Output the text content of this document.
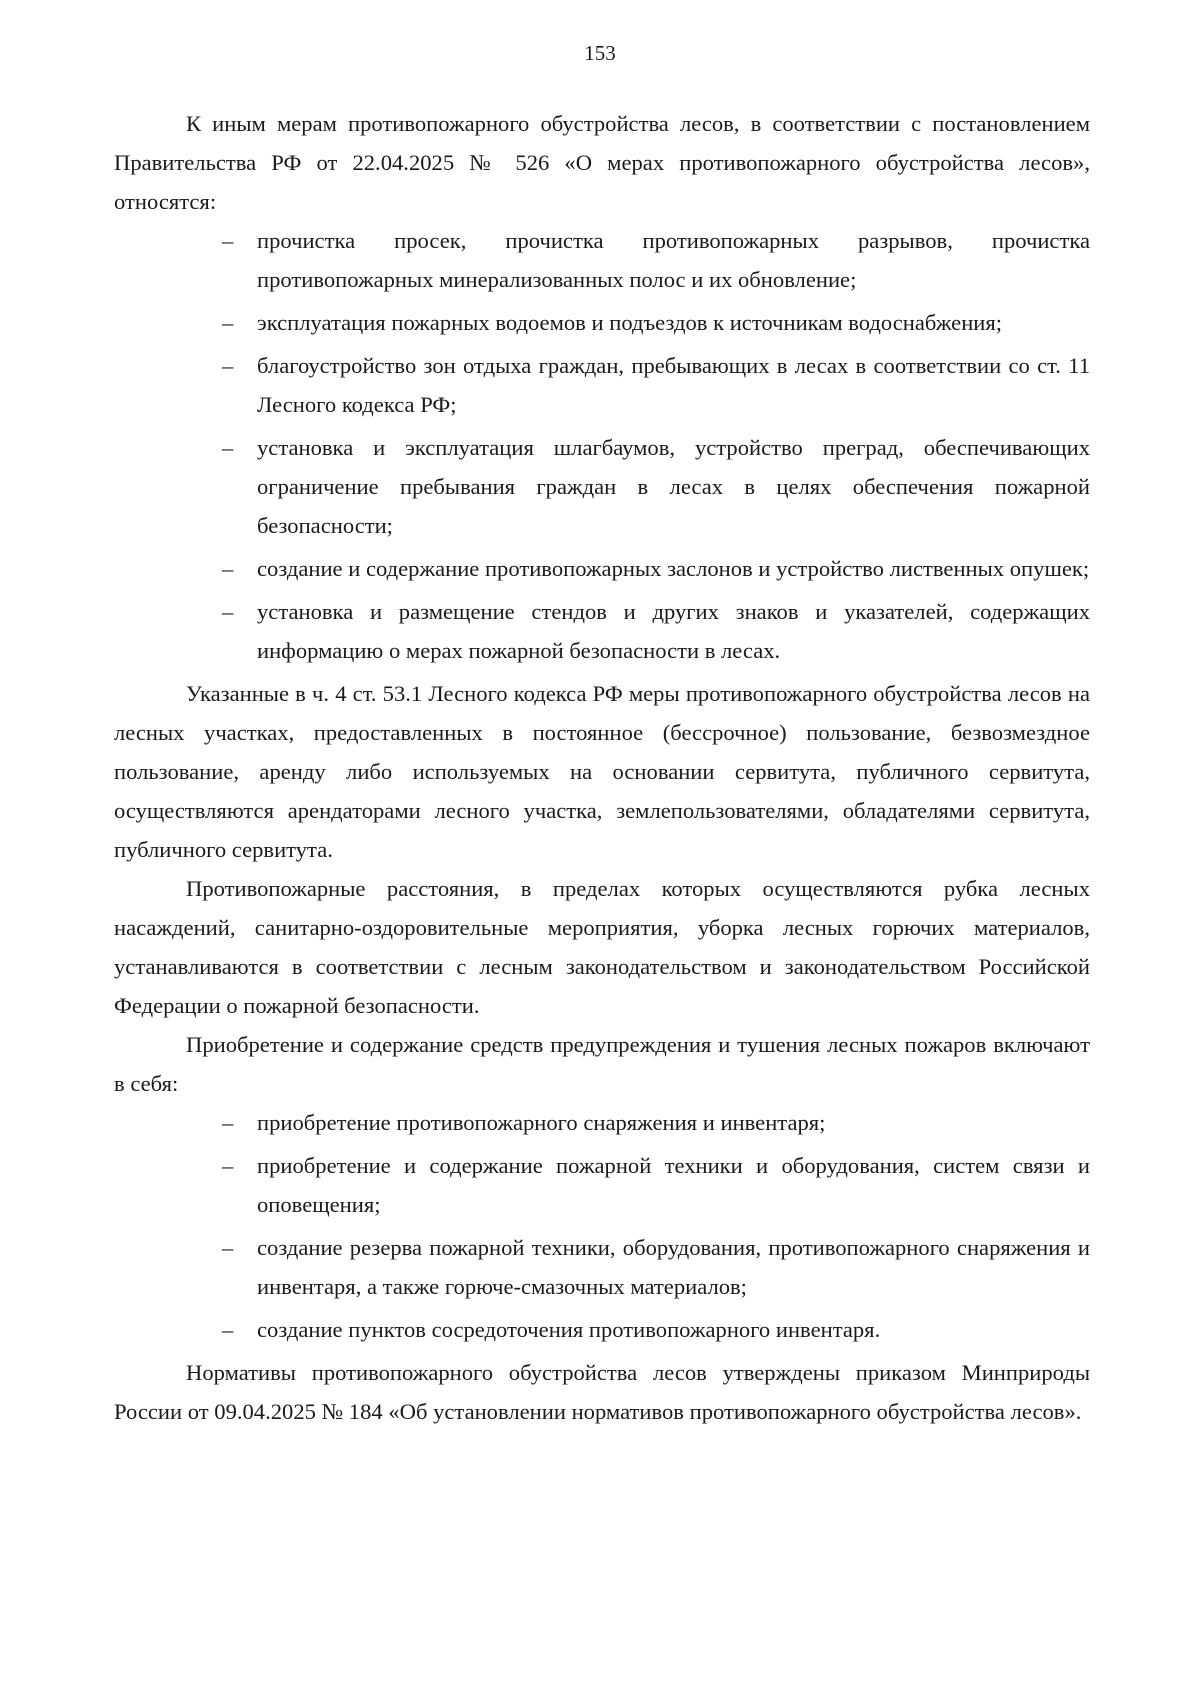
153

К иным мерам противопожарного обустройства лесов, в соответствии с постановлением Правительства РФ от 22.04.2025 № 526 «О мерах противопожарного обустройства лесов», относятся:

– прочистка просек, прочистка противопожарных разрывов, прочистка противопожарных минерализованных полос и их обновление;
– эксплуатация пожарных водоемов и подъездов к источникам водоснабжения;
– благоустройство зон отдыха граждан, пребывающих в лесах в соответствии со ст. 11 Лесного кодекса РФ;
– установка и эксплуатация шлагбаумов, устройство преград, обеспечивающих ограничение пребывания граждан в лесах в целях обеспечения пожарной безопасности;
– создание и содержание противопожарных заслонов и устройство лиственных опушек;
– установка и размещение стендов и других знаков и указателей, содержащих информацию о мерах пожарной безопасности в лесах.

Указанные в ч. 4 ст. 53.1 Лесного кодекса РФ меры противопожарного обустройства лесов на лесных участках, предоставленных в постоянное (бессрочное) пользование, безвозмездное пользование, аренду либо используемых на основании сервитута, публичного сервитута, осуществляются арендаторами лесного участка, землепользователями, обладателями сервитута, публичного сервитута.

Противопожарные расстояния, в пределах которых осуществляются рубка лесных насаждений, санитарно-оздоровительные мероприятия, уборка лесных горючих материалов, устанавливаются в соответствии с лесным законодательством и законодательством Российской Федерации о пожарной безопасности.

Приобретение и содержание средств предупреждения и тушения лесных пожаров включают в себя:

– приобретение противопожарного снаряжения и инвентаря;
– приобретение и содержание пожарной техники и оборудования, систем связи и оповещения;
– создание резерва пожарной техники, оборудования, противопожарного снаряжения и инвентаря, а также горюче-смазочных материалов;
– создание пунктов сосредоточения противопожарного инвентаря.

Нормативы противопожарного обустройства лесов утверждены приказом Минприроды России от 09.04.2025 № 184 «Об установлении нормативов противопожарного обустройства лесов».
